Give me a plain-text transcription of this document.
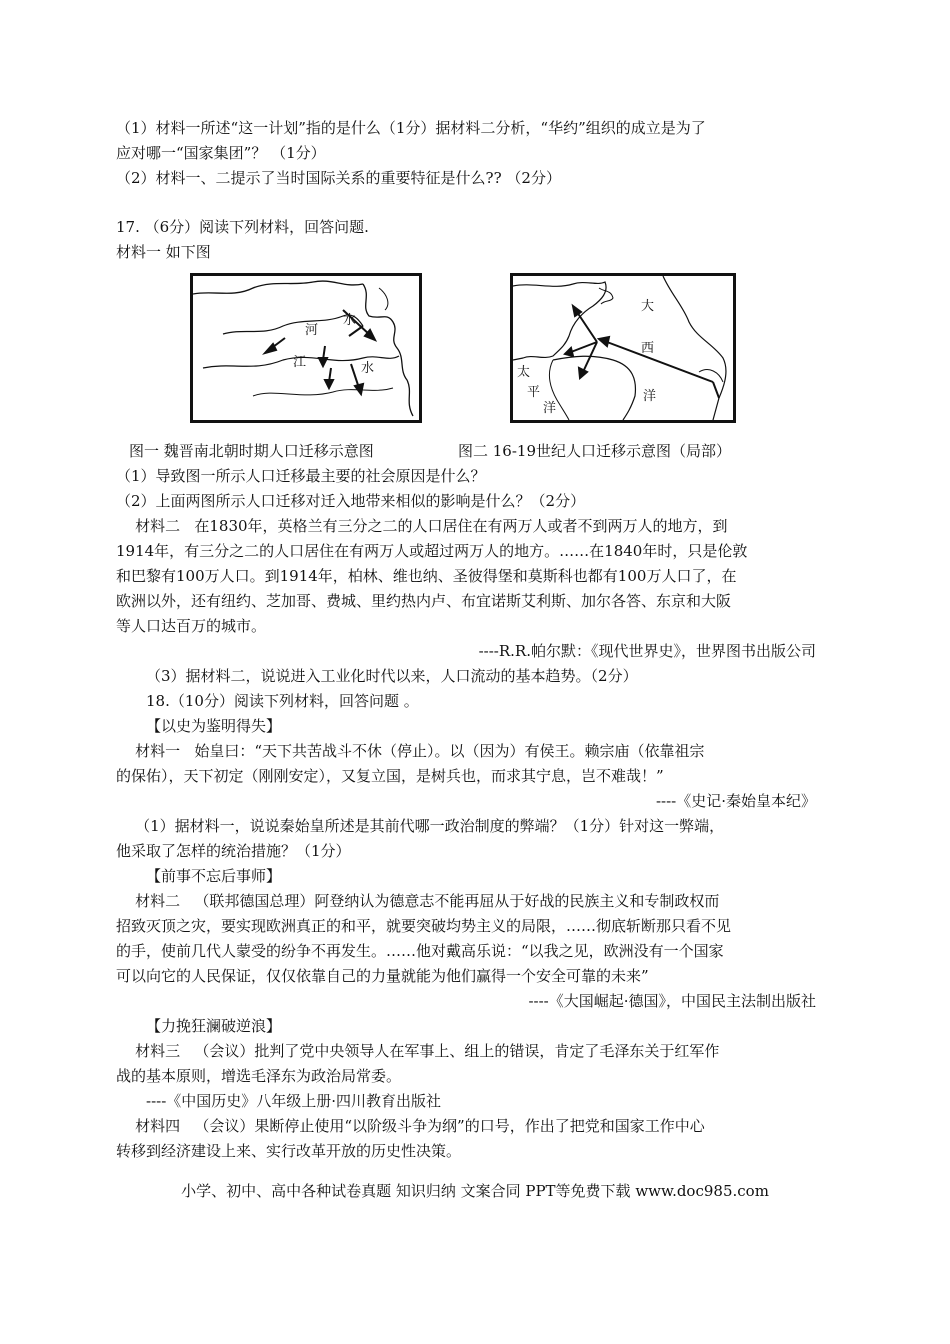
（1）材料一所述“这一计划”指的是什么（1分）据材料二分析，“华约”组织的成立是为了
应对哪一“国家集团”？ （1分）
（2）材料一、二提示了当时国际关系的重要特征是什么?? （2分）
17. （6分）阅读下列材料，回答问题.
材料一 如下图
河
水
江	水
大
西
洋
太
平
洋
图一 魏晋南北朝时期人口迁移示意图	图二 16-19世纪人口迁移示意图（局部）
（1）导致图一所示人口迁移最主要的社会原因是什么？
（2）上面两图所示人口迁移对迁入地带来相似的影响是什么？（2分）
材料二   在1830年，英格兰有三分之二的人口居住在有两万人或者不到两万人的地方，到
1914年，有三分之二的人口居住在有两万人或超过两万人的地方。……在1840年时，只是伦敦
和巴黎有100万人口。到1914年，柏林、维也纳、圣彼得堡和莫斯科也都有100万人口了，在
欧洲以外，还有纽约、芝加哥、费城、里约热内卢、布宜诺斯艾利斯、加尔各答、东京和大阪
等人口达百万的城市。
----R.R.帕尔默：《现代世界史》，世界图书出版公司
（3）据材料二，说说进入工业化时代以来，人口流动的基本趋势。（2分）
18.（10分）阅读下列材料，回答问题 。
【以史为鉴明得失】
材料一   始皇曰：“天下共苦战斗不休（停止）。以（因为）有侯王。赖宗庙（依靠祖宗
的保佑），天下初定（刚刚安定），又复立国，是树兵也，而求其宁息，岂不难哉！”
----《史记·秦始皇本纪》
（1）据材料一，说说秦始皇所述是其前代哪一政治制度的弊端？（1分）针对这一弊端，
他采取了怎样的统治措施？（1分）
【前事不忘后事师】
材料二   （联邦德国总理）阿登纳认为德意志不能再屈从于好战的民族主义和专制政权而
招致灭顶之灾，要实现欧洲真正的和平，就要突破均势主义的局限，……彻底斩断那只看不见
的手，使前几代人蒙受的纷争不再发生。……他对戴高乐说：“以我之见，欧洲没有一个国家
可以向它的人民保证，仅仅依靠自己的力量就能为他们赢得一个安全可靠的未来”
----《大国崛起·德国》，中国民主法制出版社
【力挽狂澜破逆浪】
材料三   （会议）批判了党中央领导人在军事上、组上的错误，肯定了毛泽东关于红军作
战的基本原则，增选毛泽东为政治局常委。
----《中国历史》八年级上册·四川教育出版社
材料四   （会议）果断停止使用“以阶级斗争为纲”的口号，作出了把党和国家工作中心
转移到经济建设上来、实行改革开放的历史性决策。
小学、初中、高中各种试卷真题 知识归纳 文案合同 PPT等免费下载 www.doc985.com
